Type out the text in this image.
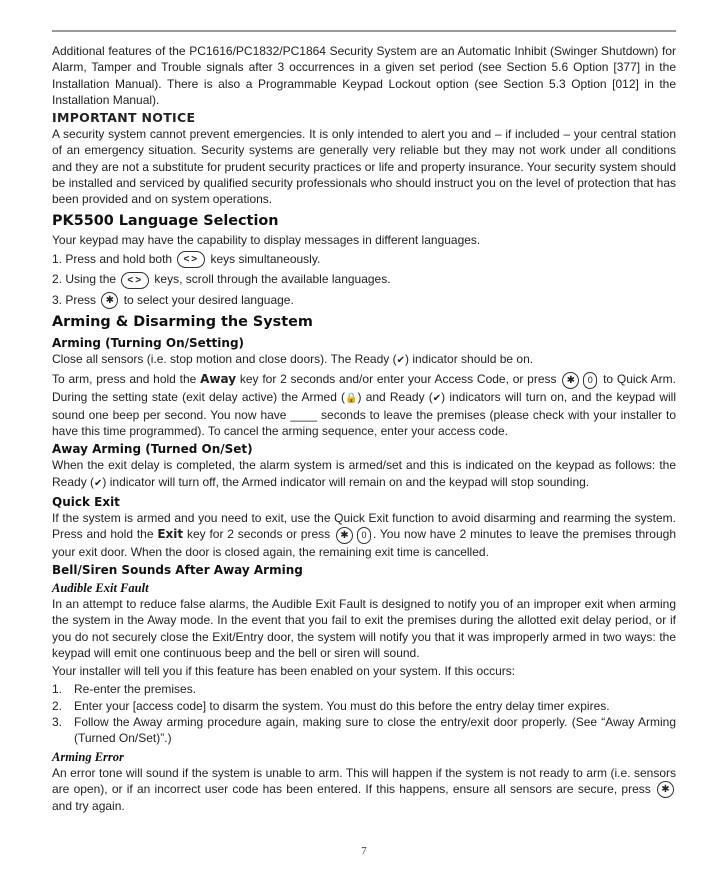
Additional features of the PC1616/PC1832/PC1864 Security System are an Automatic Inhibit (Swinger Shutdown) for Alarm, Tamper and Trouble signals after 3 occurrences in a given set period (see Section 5.6 Option [377] in the Installation Manual). There is also a Programmable Keypad Lockout option (see Section 5.3 Option [012] in the Installation Manual).

IMPORTANT NOTICE

A security system cannot prevent emergencies. It is only intended to alert you and – if included – your central station of an emergency situation. Security systems are generally very reliable but they may not work under all conditions and they are not a substitute for prudent security practices or life and property insurance. Your security system should be installed and serviced by qualified security professionals who should instruct you on the level of protection that has been provided and on system operations.

PK5500 Language Selection

Your keypad may have the capability to display messages in different languages.

1. Press and hold both <> keys simultaneously.

2. Using the <> keys, scroll through the available languages.

3. Press ✱ to select your desired language.

Arming & Disarming the System
Arming (Turning On/Setting)

Close all sensors (i.e. stop motion and close doors). The Ready (✔) indicator should be on.

To arm, press and hold the Away key for 2 seconds and/or enter your Access Code, or press ✱ 0 to Quick Arm. During the setting state (exit delay active) the Armed (🔒) and Ready (✔) indicators will turn on, and the keypad will sound one beep per second. You now have ____ seconds to leave the premises (please check with your installer to have this time programmed). To cancel the arming sequence, enter your access code.

Away Arming (Turned On/Set)

When the exit delay is completed, the alarm system is armed/set and this is indicated on the keypad as follows: the Ready (✔) indicator will turn off, the Armed indicator will remain on and the keypad will stop sounding.

Quick Exit

If the system is armed and you need to exit, use the Quick Exit function to avoid disarming and rearming the system. Press and hold the Exit key for 2 seconds or press ✱ 0 . You now have 2 minutes to leave the premises through your exit door. When the door is closed again, the remaining exit time is cancelled.

Bell/Siren Sounds After Away Arming
Audible Exit Fault

In an attempt to reduce false alarms, the Audible Exit Fault is designed to notify you of an improper exit when arming the system in the Away mode. In the event that you fail to exit the premises during the allotted exit delay period, or if you do not securely close the Exit/Entry door, the system will notify you that it was improperly armed in two ways: the keypad will emit one continuous beep and the bell or siren will sound.

Your installer will tell you if this feature has been enabled on your system. If this occurs:

1. Re-enter the premises.
2. Enter your [access code] to disarm the system. You must do this before the entry delay timer expires.
3. Follow the Away arming procedure again, making sure to close the entry/exit door properly. (See “Away Arming (Turned On/Set)”.)
Arming Error

An error tone will sound if the system is unable to arm. This will happen if the system is not ready to arm (i.e. sensors are open), or if an incorrect user code has been entered. If this happens, ensure all sensors are secure, press ✱ and try again.

7
